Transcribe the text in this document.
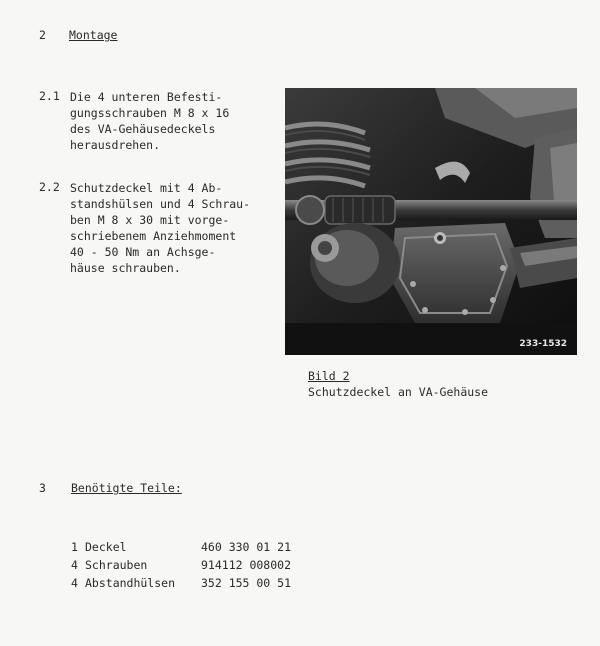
2 Montage
2.1 Die 4 unteren Befesti-
gungsschrauben M 8 x 16
des VA-Gehäusedeckels
herausdrehen.
2.2 Schutzdeckel mit 4 Ab-
standshülsen und 4 Schrau-
ben M 8 x 30 mit vorge-
schriebenem Anziehmoment
40 - 50 Nm an Achsge-
häuse schrauben.
233-1532
Bild 2
Schutzdeckel an VA-Gehäuse
3 Benötigte Teile:
1 Deckel	460 330 01 21
4 Schrauben	914112 008002
4 Abstandhülsen 352 155 00 51
